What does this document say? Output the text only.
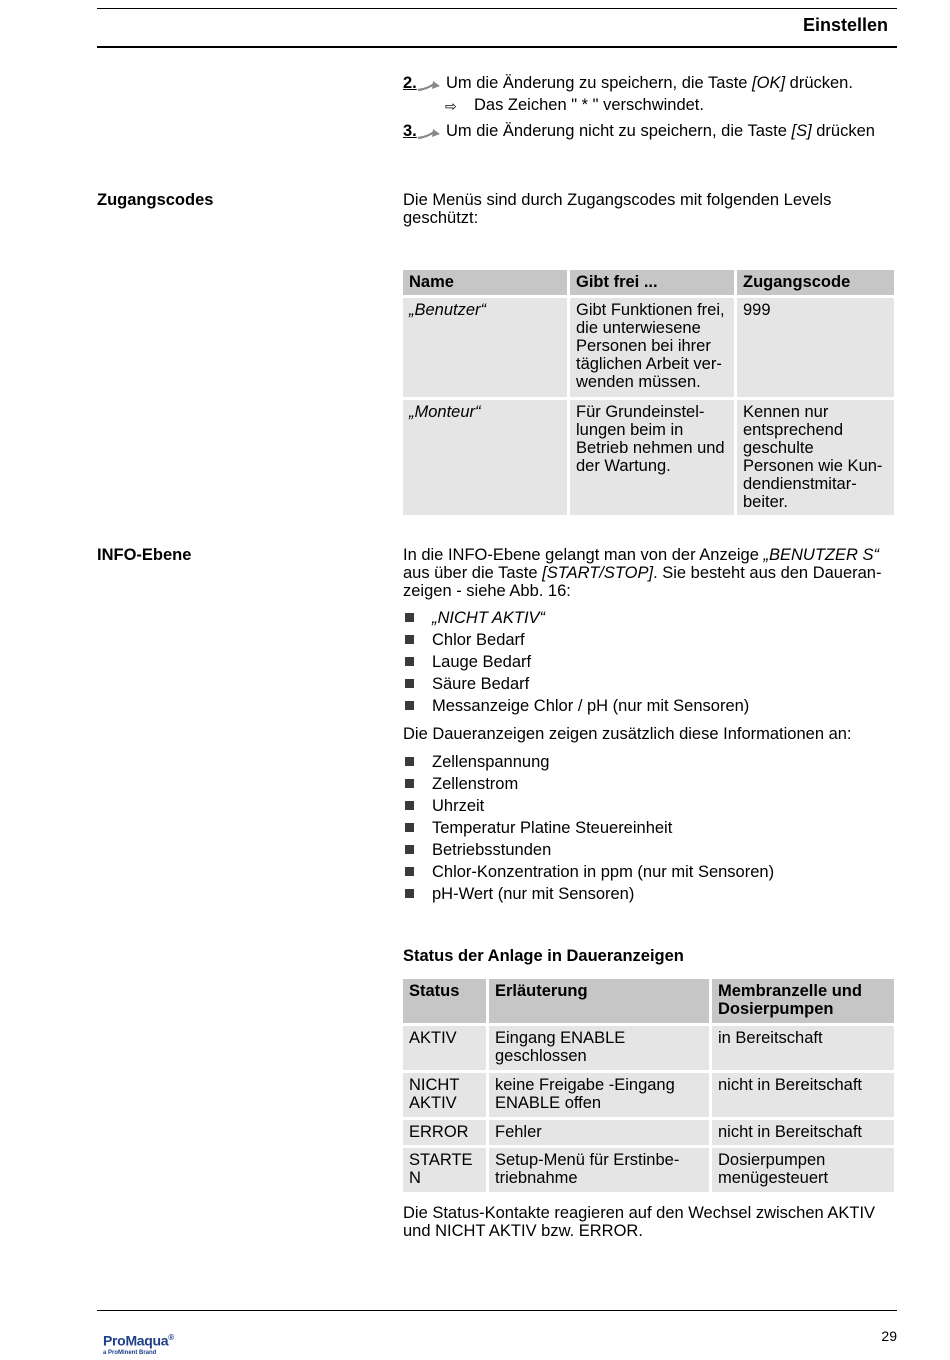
Einstellen
2. Um die Änderung zu speichern, die Taste [OK] drücken.
⇨ Das Zeichen " * " verschwindet.
3. Um die Änderung nicht zu speichern, die Taste [S] drücken
Zugangscodes	Die Menüs sind durch Zugangscodes mit folgenden Levels geschützt:
Name	Gibt frei ...	Zugangscode
„Benutzer“	Gibt Funktionen frei, die unterwiesene Personen bei ihrer täglichen Arbeit verwenden müssen.	999
„Monteur“	Für Grundeinstellungen beim in Betrieb nehmen und der Wartung.	Kennen nur entsprechend geschulte Personen wie Kundendienstmitarbeiter.
INFO-Ebene	In die INFO-Ebene gelangt man von der Anzeige „BENUTZER S“ aus über die Taste [START/STOP]. Sie besteht aus den Daueranzeigen - siehe Abb. 16:
„NICHT AKTIV“
Chlor Bedarf
Lauge Bedarf
Säure Bedarf
Messanzeige Chlor / pH (nur mit Sensoren)
Die Daueranzeigen zeigen zusätzlich diese Informationen an:
Zellenspannung
Zellenstrom
Uhrzeit
Temperatur Platine Steuereinheit
Betriebsstunden
Chlor-Konzentration in ppm (nur mit Sensoren)
pH-Wert (nur mit Sensoren)
Status der Anlage in Daueranzeigen
Status	Erläuterung	Membranzelle und Dosierpumpen
AKTIV	Eingang ENABLE geschlossen	in Bereitschaft
NICHT AKTIV	keine Freigabe -Eingang ENABLE offen	nicht in Bereitschaft
ERROR	Fehler	nicht in Bereitschaft
STARTE N	Setup-Menü für Erstinbetriebnahme	Dosierpumpen menügesteuert
Die Status-Kontakte reagieren auf den Wechsel zwischen AKTIV und NICHT AKTIV bzw. ERROR.
ProMaqua®
a ProMinent Brand
29
